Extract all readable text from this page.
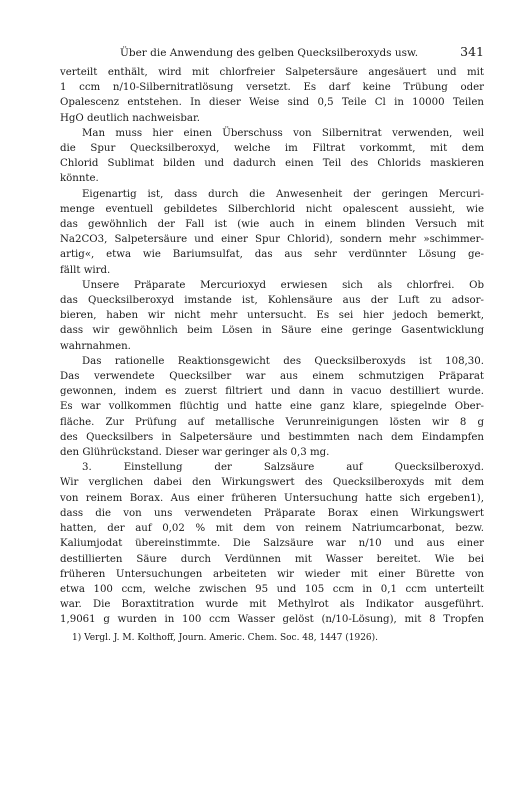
Über die Anwendung des gelben Quecksilberoxyds usw.	341
verteilt enthält, wird mit chlorfreier Salpetersäure angesäuert und mit
1 ccm n/10-Silbernitratlösung versetzt. Es darf keine Trübung oder
Opalescenz entstehen. In dieser Weise sind 0,5 Teile Cl in 10000 Teilen
HgO deutlich nachweisbar.
Man muss hier einen Überschuss von Silbernitrat verwenden, weil
die Spur Quecksilberoxyd, welche im Filtrat vorkommt, mit dem
Chlorid Sublimat bilden und dadurch einen Teil des Chlorids maskieren
könnte.
Eigenartig ist, dass durch die Anwesenheit der geringen Mercuri-
menge eventuell gebildetes Silberchlorid nicht opalescent aussieht, wie
das gewöhnlich der Fall ist (wie auch in einem blinden Versuch mit
Na2CO3, Salpetersäure und einer Spur Chlorid), sondern mehr »schimmer-
artig«, etwa wie Bariumsulfat, das aus sehr verdünnter Lösung ge-
fällt wird.
Unsere Präparate Mercurioxyd erwiesen sich als chlorfrei. Ob
das Quecksilberoxyd imstande ist, Kohlensäure aus der Luft zu adsor-
bieren, haben wir nicht mehr untersucht. Es sei hier jedoch bemerkt,
dass wir gewöhnlich beim Lösen in Säure eine geringe Gasentwicklung
wahrnahmen.
Das rationelle Reaktionsgewicht des Quecksilberoxyds ist 108,30.
Das verwendete Quecksilber war aus einem schmutzigen Präparat
gewonnen, indem es zuerst filtriert und dann in vacuo destilliert wurde.
Es war vollkommen flüchtig und hatte eine ganz klare, spiegelnde Ober-
fläche. Zur Prüfung auf metallische Verunreinigungen lösten wir 8 g
des Quecksilbers in Salpetersäure und bestimmten nach dem Eindampfen
den Glührückstand. Dieser war geringer als 0,3 mg.
3. Einstellung der Salzsäure auf Quecksilberoxyd.
Wir verglichen dabei den Wirkungswert des Quecksilberoxyds mit dem
von reinem Borax. Aus einer früheren Untersuchung hatte sich ergeben1),
dass die von uns verwendeten Präparate Borax einen Wirkungswert
hatten, der auf 0,02 % mit dem von reinem Natriumcarbonat, bezw.
Kaliumjodat übereinstimmte. Die Salzsäure war n/10 und aus einer
destillierten Säure durch Verdünnen mit Wasser bereitet. Wie bei
früheren Untersuchungen arbeiteten wir wieder mit einer Bürette von
etwa 100 ccm, welche zwischen 95 und 105 ccm in 0,1 ccm unterteilt
war. Die Boraxtitration wurde mit Methylrot als Indikator ausgeführt.
1,9061 g wurden in 100 ccm Wasser gelöst (n/10-Lösung), mit 8 Tropfen
1) Vergl. J. M. Kolthoff, Journ. Americ. Chem. Soc. 48, 1447 (1926).
